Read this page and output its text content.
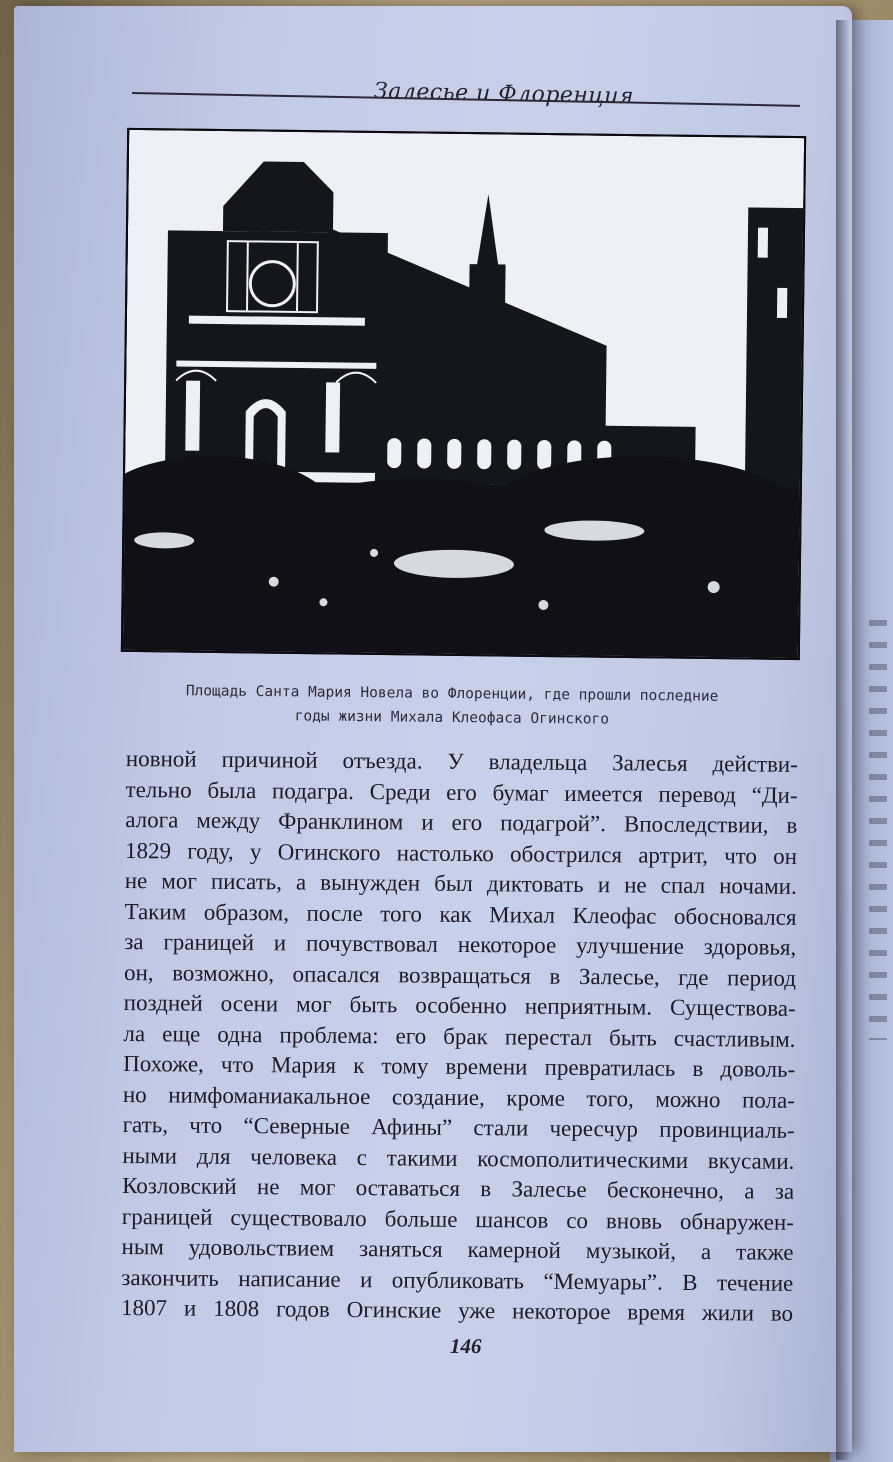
Залесье и Флоренция
Площадь Санта Мария Новела во Флоренции, где прошли последние
годы жизни Михала Клеофаса Огинского
новной причиной отъезда. У владельца Залесья действи-
тельно была подагра. Среди его бумаг имеется перевод “Ди-
алога между Франклином и его подагрой”. Впоследствии, в
1829 году, у Огинского настолько обострился артрит, что он
не мог писать, а вынужден был диктовать и не спал ночами.
Таким образом, после того как Михал Клеофас обосновался
за границей и почувствовал некоторое улучшение здоровья,
он, возможно, опасался возвращаться в Залесье, где период
поздней осени мог быть особенно неприятным. Существова-
ла еще одна проблема: его брак перестал быть счастливым.
Похоже, что Мария к тому времени превратилась в доволь-
но нимфоманиакальное создание, кроме того, можно пола-
гать, что “Северные Афины” стали чересчур провинциаль-
ными для человека с такими космополитическими вкусами.
Козловский не мог оставаться в Залесье бесконечно, а за
границей существовало больше шансов со вновь обнаружен-
ным удовольствием заняться камерной музыкой, а также
закончить написание и опубликовать “Мемуары”. В течение
1807 и 1808 годов Огинские уже некоторое время жили во
146
